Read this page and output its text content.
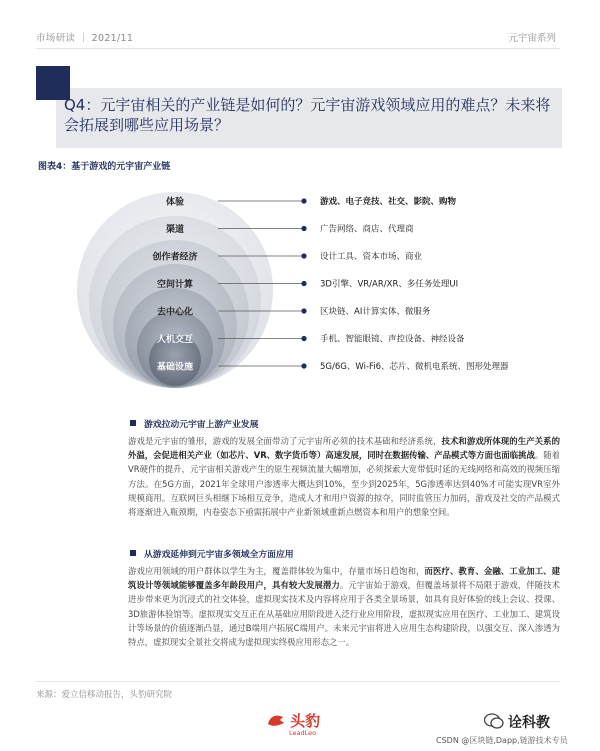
市场研读 ｜ 2021/11	元宇宙系列
Q4：元宇宙相关的产业链是如何的？元宇宙游戏领域应用的难点？未来将会拓展到哪些应用场景？
图表4：基于游戏的元宇宙产业链
体验	游戏、电子竞技、社交、影院、购物
渠道	广告网络、商店、代理商
创作者经济	设计工具、资本市场、商业
空间计算	3D引擎、VR/AR/XR、多任务处理UI
去中心化	区块链、AI计算实体、微服务
人机交互	手机、智能眼镜、声控设备、神经设备
基础设施	5G/6G、Wi-Fi6、芯片、微机电系统、图形处理器
游戏拉动元宇宙上游产业发展
游戏是元宇宙的雏形，游戏的发展全面带动了元宇宙所必须的技术基础和经济系统，技术和游戏所体现的生产关系的外溢，会促进相关产业（如芯片、VR、数字货币等）高速发展，同时在数据传输、产品模式等方面也面临挑战。随着VR硬件的提升，元宇宙相关游戏产生的原生视频流量大幅增加，必须探索大宽带低时延的无线网络和高效的视频压缩方法。在5G方面，2021年全球用户渗透率大概达到10%，至少到2025年，5G渗透率达到40%才可能实现VR室外规模商用。互联网巨头相继下场相互竞争，造成人才和用户资源的掠夺，同时监管压力加码，游戏及社交的产品模式将逐渐进入瓶颈期，内卷姿态下亟需拓展中产业新领域重新点燃资本和用户的想象空间。
从游戏延伸到元宇宙多领域全方面应用
游戏应用领域的用户群体以学生为主，覆盖群体较为集中，存量市场日趋饱和，而医疗、教育、金融、工业加工、建筑设计等领域能够覆盖多年龄段用户，具有较大发展潜力。元宇宙始于游戏，但覆盖场景将不局限于游戏，伴随技术进步带来更为沉浸式的社交体验，虚拟现实技术及内容将应用于各类全景场景，如具有良好体验的线上会议、授课、3D旅游体验馆等。虚拟现实交互正在从基础应用阶段进入泛行业应用阶段，虚拟现实应用在医疗、工业加工、建筑设计等场景的价值逐渐凸显，通过B端用户拓展C端用户。未来元宇宙将进入应用生态构建阶段，以强交互、深入渗透为特点，虚拟现实全景社交将成为虚拟现实终极应用形态之一。
来源：爱立信移动报告，头豹研究院
头豹
LeadLeo
诠科教
CSDN @区块链,Dapp,链游技术专员
